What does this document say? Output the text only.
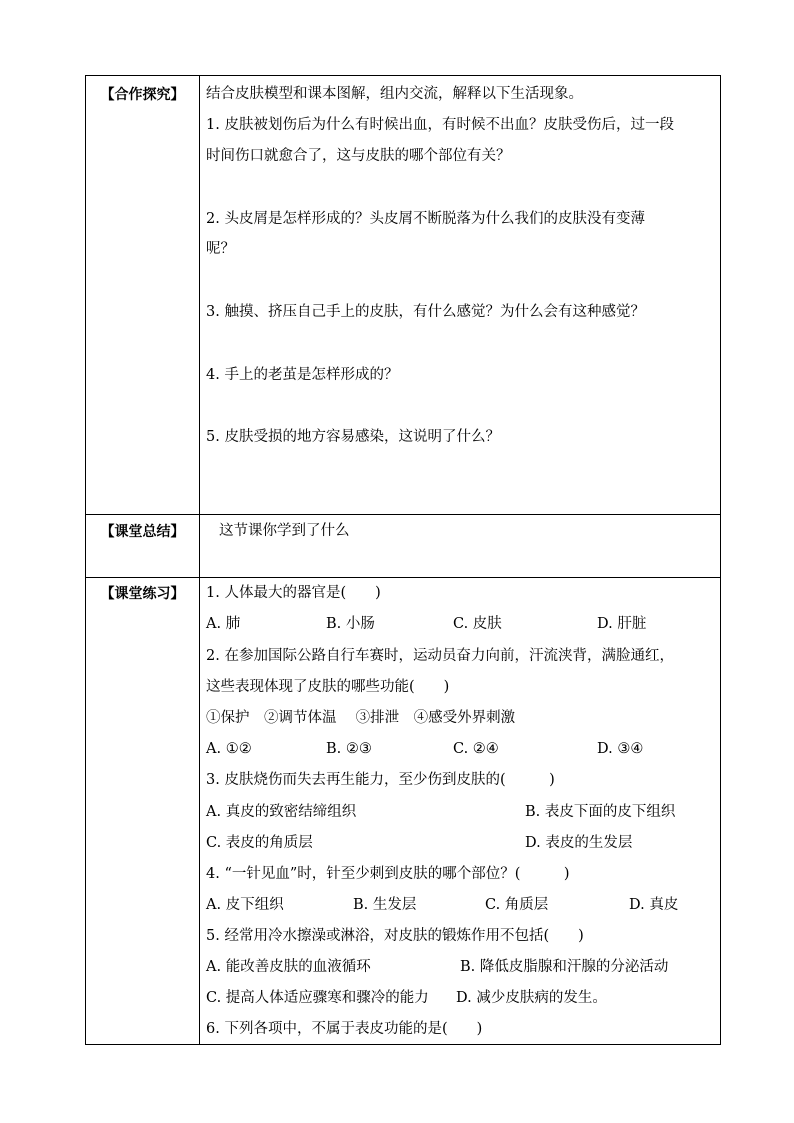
【合作探究】	结合皮肤模型和课本图解，组内交流，解释以下生活现象。
1. 皮肤被划伤后为什么有时候出血，有时候不出血？皮肤受伤后，过一段
时间伤口就愈合了，这与皮肤的哪个部位有关？
2. 头皮屑是怎样形成的？头皮屑不断脱落为什么我们的皮肤没有变薄
呢？
3. 触摸、挤压自己手上的皮肤，有什么感觉？为什么会有这种感觉？
4. 手上的老茧是怎样形成的？
5. 皮肤受损的地方容易感染，这说明了什么？
【课堂总结】	这节课你学到了什么
【课堂练习】	1. 人体最大的器官是(　　)
A. 肺	B. 小肠	C. 皮肤	D. 肝脏
2. 在参加国际公路自行车赛时，运动员奋力向前，汗流浃背，满脸通红，
这些表现体现了皮肤的哪些功能(　　)
①保护　②调节体温　 ③排泄　④感受外界刺激
A. ①②	B. ②③	C. ②④	D. ③④
3. 皮肤烧伤而失去再生能力，至少伤到皮肤的(　　　)
A. 真皮的致密结缔组织	B. 表皮下面的皮下组织
C. 表皮的角质层	D. 表皮的生发层
4. “一针见血”时，针至少刺到皮肤的哪个部位？(　　　)
A. 皮下组织	B. 生发层	C. 角质层	D. 真皮
5. 经常用冷水擦澡或淋浴，对皮肤的锻炼作用不包括(　　)
A. 能改善皮肤的血液循环	B. 降低皮脂腺和汗腺的分泌活动
C. 提高人体适应骤寒和骤冷的能力 D. 减少皮肤病的发生。
6. 下列各项中，不属于表皮功能的是(　　)
